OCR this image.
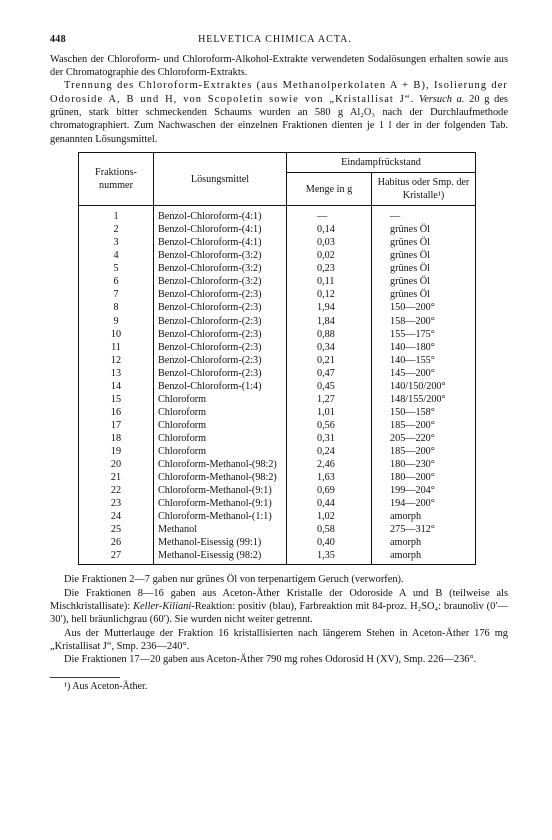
448	HELVETICA CHIMICA ACTA.

Waschen der Chloroform- und Chloroform-Alkohol-Extrakte verwendeten Sodalösungen erhalten sowie aus der Chromatographie des Chloroform-Extrakts.

Trennung des Chloroform-Extraktes (aus Methanolperkolaten A + B), Isolierung der Odoroside A, B und H, von Scopoletin sowie von „Kristallisat J“. Versuch a. 20 g des grünen, stark bitter schmeckenden Schaums wurden an 580 g Al₂O₃ nach der Durchlaufmethode chromatographiert. Zum Nachwaschen der einzelnen Fraktionen dienten je 1 l der in der folgenden Tab. genannten Lösungsmittel.

Fraktions-nummer	Lösungsmittel	Eindampfrückstand	
		Menge in g	Habitus oder Smp. der Kristalle¹)
1	Benzol-Chloroform-(4:1)	—	—
2	Benzol-Chloroform-(4:1)	0,14	grünes Öl
3	Benzol-Chloroform-(4:1)	0,03	grünes Öl
4	Benzol-Chloroform-(3:2)	0,02	grünes Öl
5	Benzol-Chloroform-(3:2)	0,23	grünes Öl
6	Benzol-Chloroform-(3:2)	0,11	grünes Öl
7	Benzol-Chloroform-(2:3)	0,12	grünes Öl
8	Benzol-Chloroform-(2:3)	1,94	150—200°
9	Benzol-Chloroform-(2:3)	1,84	158—200°
10	Benzol-Chloroform-(2:3)	0,88	155—175°
11	Benzol-Chloroform-(2:3)	0,34	140—180°
12	Benzol-Chloroform-(2:3)	0,21	140—155°
13	Benzol-Chloroform-(2:3)	0,47	145—200°
14	Benzol-Chloroform-(1:4)	0,45	140/150/200°
15	Chloroform	1,27	148/155/200°
16	Chloroform	1,01	150—158°
17	Chloroform	0,56	185—200°
18	Chloroform	0,31	205—220°
19	Chloroform	0,24	185—200°
20	Chloroform-Methanol-(98:2)	2,46	180—230°
21	Chloroform-Methanol-(98:2)	1,63	180—200°
22	Chloroform-Methanol-(9:1)	0,69	199—204°
23	Chloroform-Methanol-(9:1)	0,44	194—200°
24	Chloroform-Methanol-(1:1)	1,02	amorph
25	Methanol	0,58	275—312°
26	Methanol-Eisessig (99:1)	0,40	amorph
27	Methanol-Eisessig (98:2)	1,35	amorph

Die Fraktionen 2—7 gaben nur grünes Öl von terpenartigem Geruch (verworfen).

Die Fraktionen 8—16 gaben aus Aceton-Äther Kristalle der Odoroside A und B (teilweise als Mischkristallisate): Keller-Kiliani-Reaktion: positiv (blau), Farbreaktion mit 84-proz. H₂SO₄: braunoliv (0′—30′), hell bräunlichgrau (60′). Sie wurden nicht weiter getrennt.

Aus der Mutterlauge der Fraktion 16 kristallisierten nach längerem Stehen in Aceton-Äther 176 mg „Kristallisat J“, Smp. 236—240°.

Die Fraktionen 17—20 gaben aus Aceton-Äther 790 mg rohes Odorosid H (XV), Smp. 226—236°.

¹) Aus Aceton-Äther.
